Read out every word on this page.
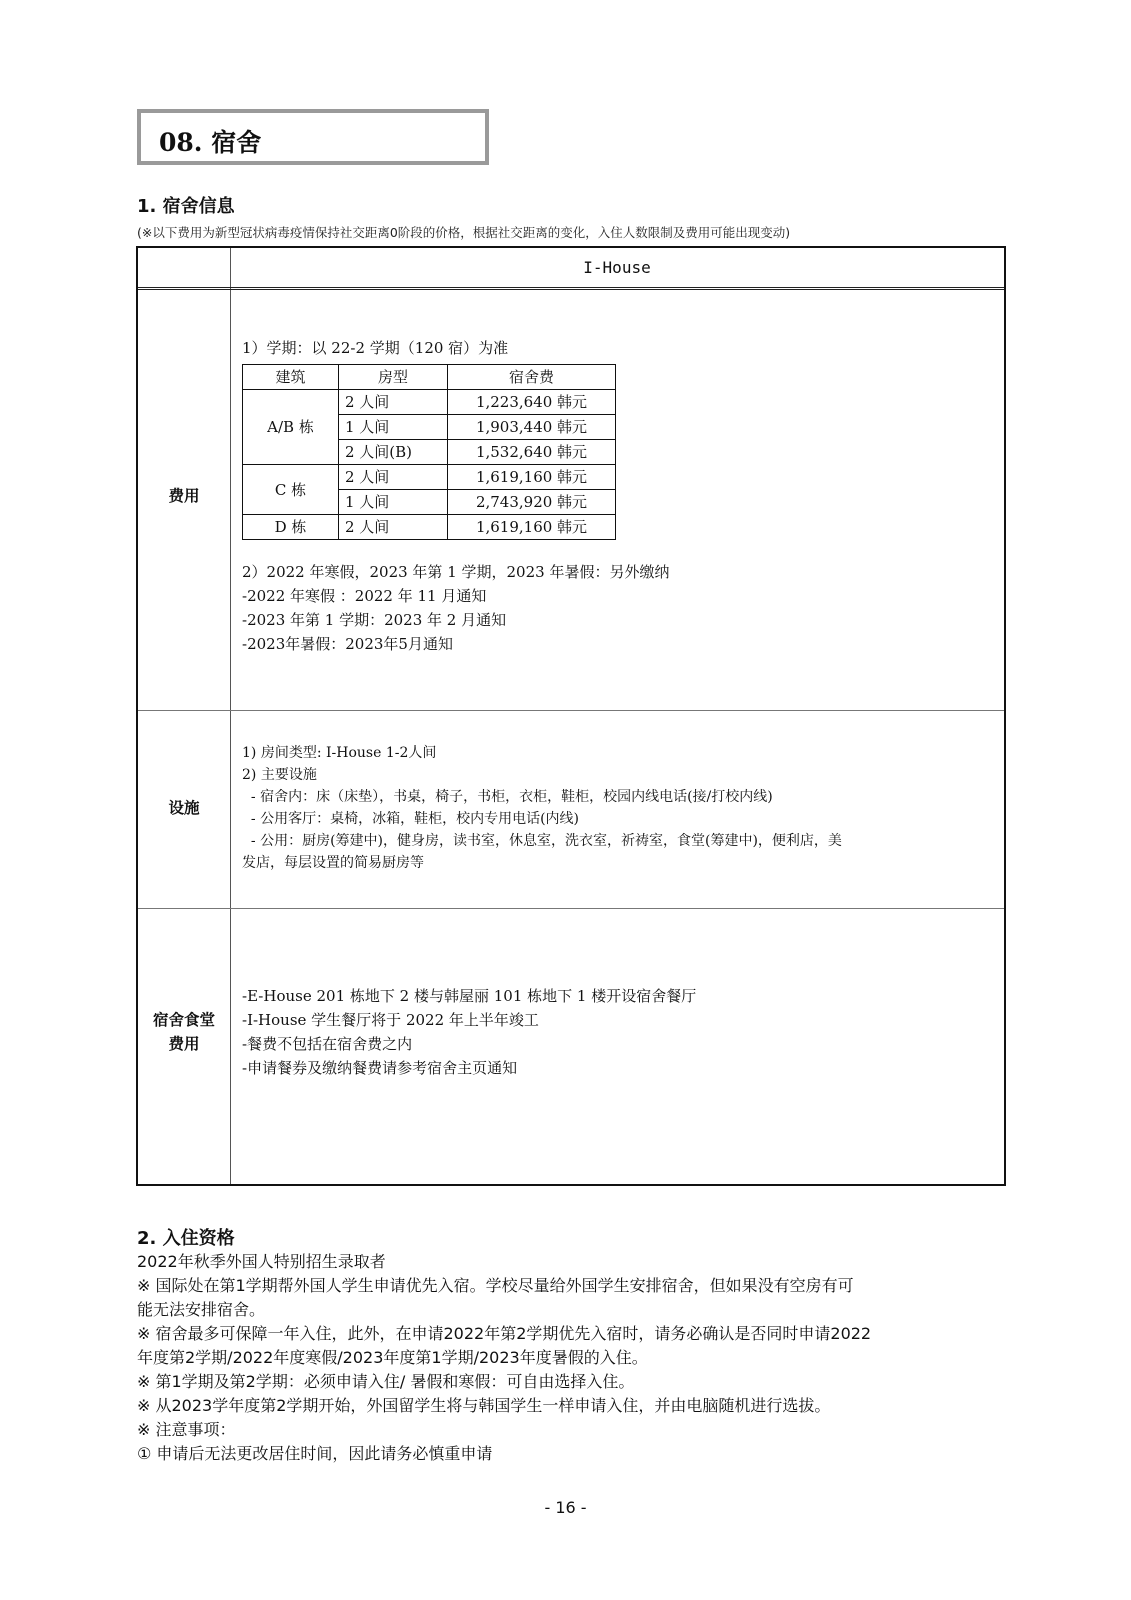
08. 宿舍
1. 宿舍信息
(※以下费用为新型冠状病毒疫情保持社交距离0阶段的价格，根据社交距离的变化，入住人数限制及费用可能出现变动)
I-House
费用
1）学期：以 22-2 学期（120 宿）为准
建筑	房型	宿舍费
A/B 栋	2 人间	1,223,640 韩元
	1 人间	1,903,440 韩元
	2 人间(B)	1,532,640 韩元
C 栋	2 人间	1,619,160 韩元
	1 人间	2,743,920 韩元
D 栋	2 人间	1,619,160 韩元
2）2022 年寒假，2023 年第 1 学期，2023 年暑假：另外缴纳
-2022 年寒假 ：2022 年 11 月通知
-2023 年第 1 学期：2023 年 2 月通知
-2023年暑假：2023年5月通知
设施
1) 房间类型: I-House 1-2人间
2) 主要设施
- 宿舍内：床（床垫），书桌，椅子，书柜，衣柜，鞋柜，校园内线电话(接/打校内线)
- 公用客厅：桌椅，冰箱，鞋柜，校内专用电话(内线)
- 公用：厨房(筹建中)，健身房，读书室，休息室，洗衣室，祈祷室，食堂(筹建中)，便利店，美
发店，每层设置的简易厨房等
宿舍食堂
费用
-E-House 201 栋地下 2 楼与韩屋丽 101 栋地下 1 楼开设宿舍餐厅
-I-House 学生餐厅将于 2022 年上半年竣工
-餐费不包括在宿舍费之内
-申请餐券及缴纳餐费请参考宿舍主页通知
2. 入住资格
2022年秋季外国人特别招生录取者
※ 国际处在第1学期帮外国人学生申请优先入宿。学校尽量给外国学生安排宿舍，但如果没有空房有可
能无法安排宿舍。
※ 宿舍最多可保障一年入住，此外，在申请2022年第2学期优先入宿时，请务必确认是否同时申请2022
年度第2学期/2022年度寒假/2023年度第1学期/2023年度暑假的入住。
※ 第1学期及第2学期：必须申请入住/ 暑假和寒假：可自由选择入住。
※ 从2023学年度第2学期开始，外国留学生将与韩国学生一样申请入住，并由电脑随机进行选拔。
※ 注意事项：
① 申请后无法更改居住时间，因此请务必慎重申请
- 16 -
